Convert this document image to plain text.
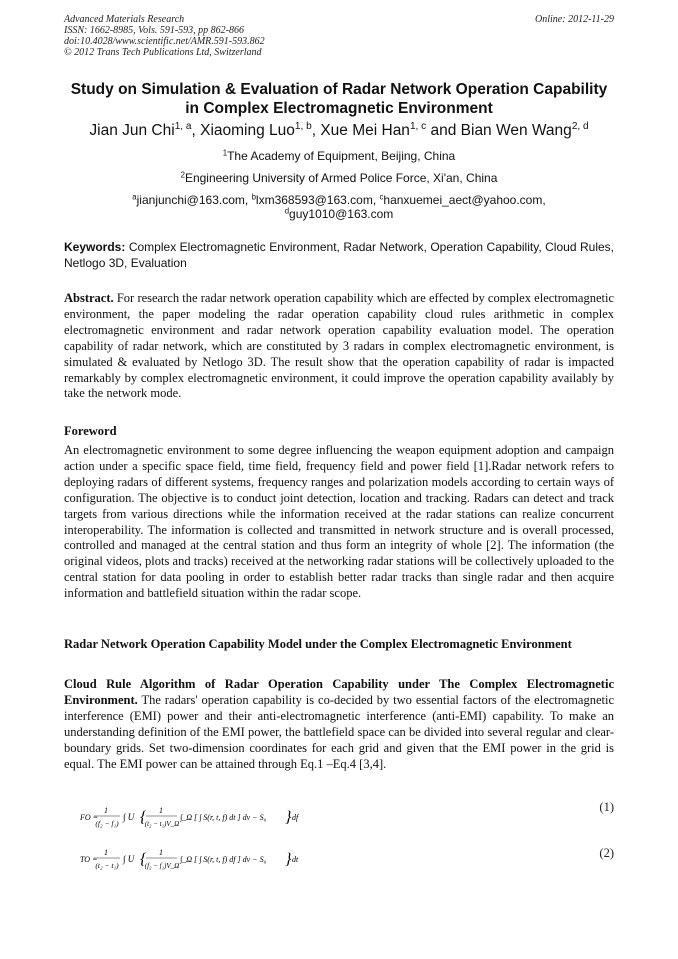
Advanced Materials Research
ISSN: 1662-8985, Vols. 591-593, pp 862-866
doi:10.4028/www.scientific.net/AMR.591-593.862
© 2012 Trans Tech Publications Ltd, Switzerland
Online: 2012-11-29
Study on Simulation & Evaluation of Radar Network Operation Capability
in Complex Electromagnetic Environment
Jian Jun Chi$^{1, a}$, Xiaoming Luo$^{1, b}$, Xue Mei Han$^{1, c}$ and Bian Wen Wang$^{2, d}$
$^1$The Academy of Equipment, Beijing, China
$^2$Engineering University of Armed Police Force, Xi'an, China
$^a$jianjunchi@163.com, $^b$lxm368593@163.com, $^c$hanxuemei_aect@yahoo.com,
$^d$guy1010@163.com
Keywords: Complex Electromagnetic Environment, Radar Network, Operation Capability, Cloud Rules, Netlogo 3D, Evaluation
Abstract. For research the radar network operation capability which are effected by complex electromagnetic environment, the paper modeling the radar operation capability cloud rules arithmetic in complex electromagnetic environment and radar network operation capability evaluation model. The operation capability of radar network, which are constituted by 3 radars in complex electromagnetic environment, is simulated & evaluated by Netlogo 3D. The result show that the operation capability of radar is impacted remarkably by complex electromagnetic environment, it could improve the operation capability availably by take the network mode.
Foreword
An electromagnetic environment to some degree influencing the weapon equipment adoption and campaign action under a specific space field, time field, frequency field and power field [1].Radar network refers to deploying radars of different systems, frequency ranges and polarization models according to certain ways of configuration. The objective is to conduct joint detection, location and tracking. Radars can detect and track targets from various directions while the information received at the radar stations can realize concurrent interoperability. The information is collected and transmitted in network structure and is overall processed, controlled and managed at the central station and thus form an integrity of whole [2]. The information (the original videos, plots and tracks) received at the networking radar stations will be collectively uploaded to the central station for data pooling in order to establish better radar tracks than single radar and then acquire information and battlefield situation within the radar scope.
Radar Network Operation Capability Model under the Complex Electromagnetic Environment
Cloud Rule Algorithm of Radar Operation Capability under The Complex Electromagnetic Environment. The radars' operation capability is co-decided by two essential factors of the electromagnetic interference (EMI) power and their anti-electromagnetic interference (anti-EMI) capability. To make an understanding definition of the EMI power, the battlefield space can be divided into several regular and clear-boundary grids. Set two-dimension coordinates for each grid and given that the EMI power in the grid is equal. The EMI power can be attained through Eq.1 –Eq.4 [3,4].
FO =
1
(f₂ − f₁)
∫ U { 1
(t₂ − t₁)V_Ω
∫_Ω [ ∫ S(r, t, f) dt ] dv − S₀ } df
(1)
TO =
1
(t₂ − t₁)
∫ U { 1
(f₂ − f₁)V_Ω
∫_Ω [ ∫ S(r, t, f) df ] dv − S₀ } dt	(2)
